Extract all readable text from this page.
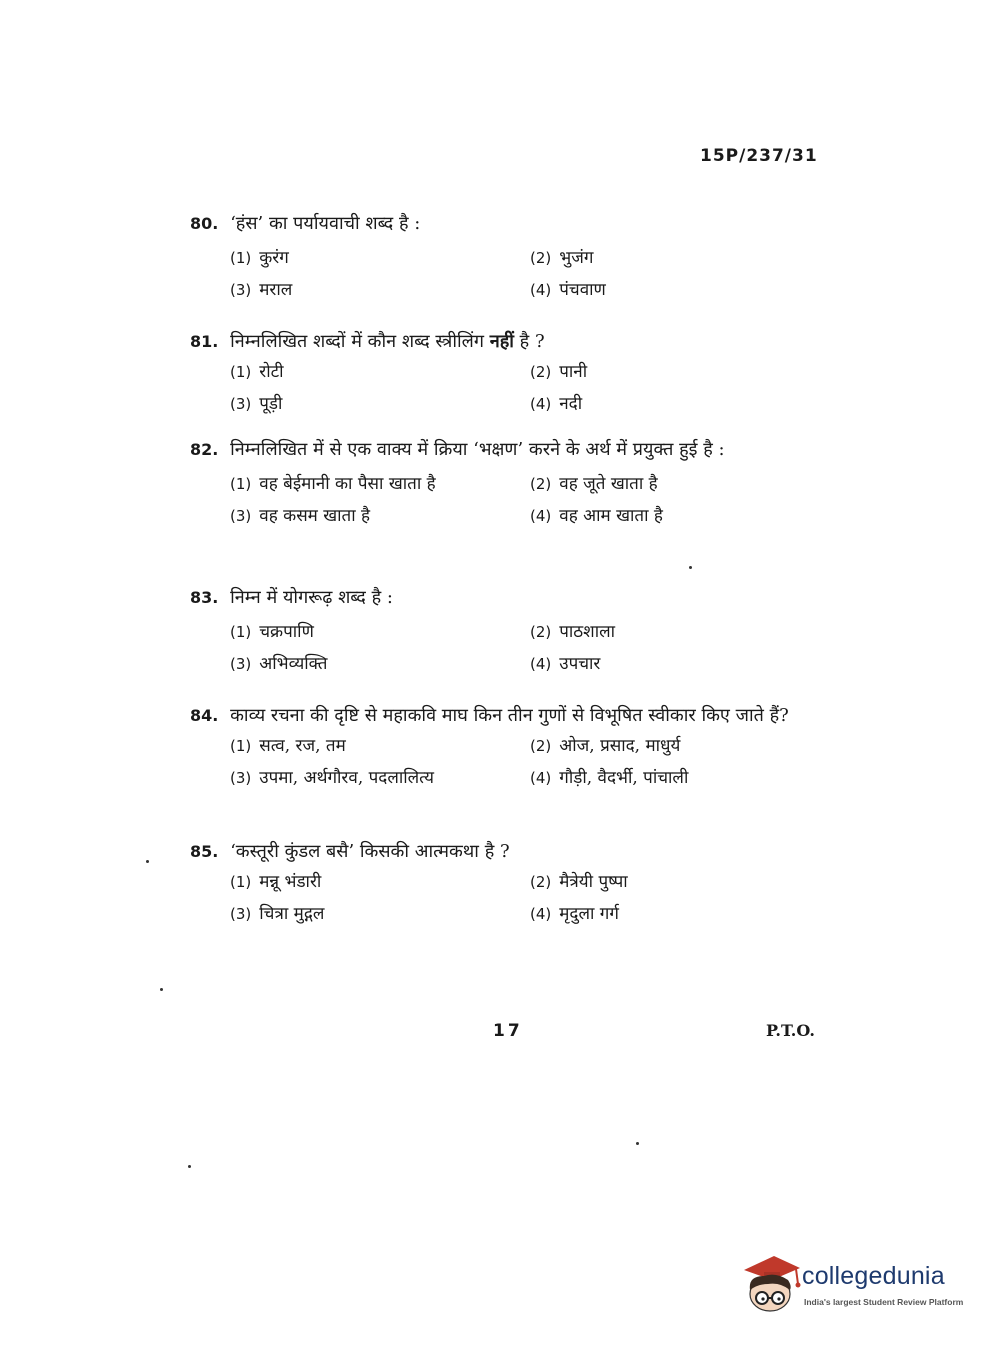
15P/237/31
80. ‘हंस’ का पर्यायवाची शब्द है :
(1) कुरंग	(2) भुजंग
(3) मराल	(4) पंचवाण
81. निम्नलिखित शब्दों में कौन शब्द स्त्रीलिंग नहीं है ?
(1) रोटी	(2) पानी
(3) पूड़ी	(4) नदी
82. निम्नलिखित में से एक वाक्य में क्रिया ‘भक्षण’ करने के अर्थ में प्रयुक्त हुई है :
(1) वह बेईमानी का पैसा खाता है	(2) वह जूते खाता है
(3) वह कसम खाता है	(4) वह आम खाता है
83. निम्न में योगरूढ़ शब्द है :
(1) चक्रपाणि	(2) पाठशाला
(3) अभिव्यक्ति	(4) उपचार
84. काव्य रचना की दृष्टि से महाकवि माघ किन तीन गुणों से विभूषित स्वीकार किए जाते हैं?
(1) सत्व, रज, तम	(2) ओज, प्रसाद, माधुर्य
(3) उपमा, अर्थगौरव, पदलालित्य	(4) गौड़ी, वैदर्भी, पांचाली
85. ‘कस्तूरी कुंडल बसै’ किसकी आत्मकथा है ?
(1) मन्नू भंडारी	(2) मैत्रेयी पुष्पा
(3) चित्रा मुद्गल	(4) मृदुला गर्ग
17	P.T.O.
collegedunia
India's largest Student Review Platform
